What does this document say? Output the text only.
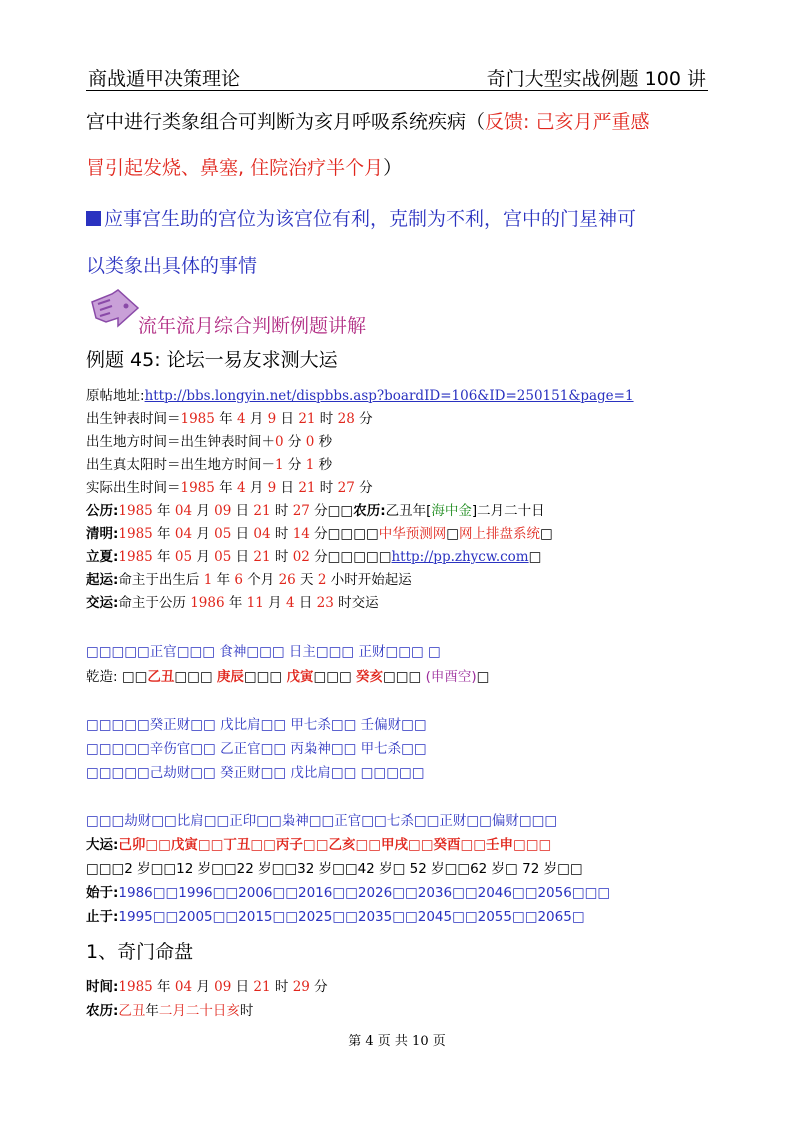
商战遁甲决策理论	奇门大型实战例题 100 讲
宫中进行类象组合可判断为亥月呼吸系统疾病（反馈: 己亥月严重感
冒引起发烧、鼻塞, 住院治疗半个月）
应事宫生助的宫位为该宫位有利，克制为不利，宫中的门星神可
以类象出具体的事情
流年流月综合判断例题讲解
例题 45: 论坛一易友求测大运
原帖地址:http://bbs.longyin.net/dispbbs.asp?boardID=106&ID=250151&page=1
出生钟表时间＝1985 年 4 月 9 日 21 时 28 分
出生地方时间＝出生钟表时间＋0 分 0 秒
出生真太阳时＝出生地方时间－1 分 1 秒
实际出生时间＝1985 年 4 月 9 日 21 时 27 分
公历:1985 年 04 月 09 日 21 时 27 分□□农历:乙丑年[海中金]二月二十日
清明:1985 年 04 月 05 日 04 时 14 分□□□□中华预测网□网上排盘系统□
立夏:1985 年 05 月 05 日 21 时 02 分□□□□□http://pp.zhycw.com□
起运:命主于出生后 1 年 6 个月 26 天 2 小时开始起运
交运:命主于公历 1986 年 11 月 4 日 23 时交运
□□□□□正官□□□ 食神□□□ 日主□□□ 正财□□□ □
乾造: □□乙丑□□□ 庚辰□□□ 戊寅□□□ 癸亥□□□ (申酉空)□
□□□□□癸正财□□ 戊比肩□□ 甲七杀□□ 壬偏财□□
□□□□□辛伤官□□ 乙正官□□ 丙枭神□□ 甲七杀□□
□□□□□己劫财□□ 癸正财□□ 戊比肩□□ □□□□□
□□□劫财□□比肩□□正印□□枭神□□正官□□七杀□□正财□□偏财□□□
大运:己卯□□戊寅□□丁丑□□丙子□□乙亥□□甲戌□□癸酉□□壬申□□□
□□□2 岁□□12 岁□□22 岁□□32 岁□□42 岁□ 52 岁□□62 岁□ 72 岁□□
始于:1986□□1996□□2006□□2016□□2026□□2036□□2046□□2056□□□
止于:1995□□2005□□2015□□2025□□2035□□2045□□2055□□2065□
1、奇门命盘
时间:1985 年 04 月 09 日 21 时 29 分
农历:乙丑年二月二十日亥时
第 4 页 共 10 页
